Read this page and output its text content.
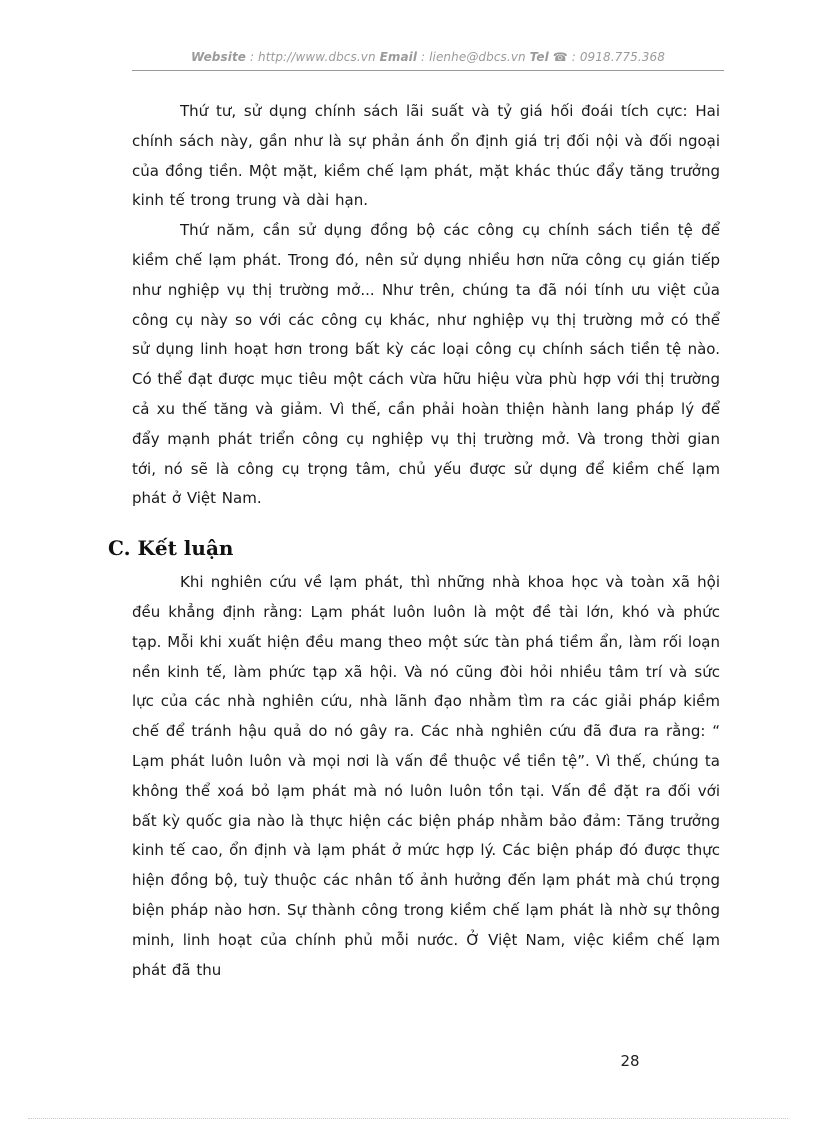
Website : http://www.dbcs.vn Email : lienhe@dbcs.vn Tel ☎ : 0918.775.368

Thứ tư, sử dụng chính sách lãi suất và tỷ giá hối đoái tích cực: Hai chính sách này, gần như là sự phản ánh ổn định giá trị đối nội và đối ngoại của đồng tiền. Một mặt, kiềm chế lạm phát, mặt khác thúc đẩy tăng trưởng kinh tế trong trung và dài hạn.

Thứ năm, cần sử dụng đồng bộ các công cụ chính sách tiền tệ để kiềm chế lạm phát. Trong đó, nên sử dụng nhiều hơn nữa công cụ gián tiếp như nghiệp vụ thị trường mở... Như trên, chúng ta đã nói tính ưu việt của công cụ này so với các công cụ khác, như nghiệp vụ thị trường mở có thể sử dụng linh hoạt hơn trong bất kỳ các loại công cụ chính sách tiền tệ nào. Có thể đạt được mục tiêu một cách vừa hữu hiệu vừa phù hợp với thị trường cả xu thế tăng và giảm. Vì thế, cần phải hoàn thiện hành lang pháp lý để đẩy mạnh phát triển công cụ nghiệp vụ thị trường mở. Và trong thời gian tới, nó sẽ là công cụ trọng tâm, chủ yếu được sử dụng để kiềm chế lạm phát ở Việt Nam.

C. Kết luận

Khi nghiên cứu về lạm phát, thì những nhà khoa học và toàn xã hội đều khẳng định rằng: Lạm phát luôn luôn là một đề tài lớn, khó và phức tạp. Mỗi khi xuất hiện đều mang theo một sức tàn phá tiềm ẩn, làm rối loạn nền kinh tế, làm phức tạp xã hội. Và nó cũng đòi hỏi nhiều tâm trí và sức lực của các nhà nghiên cứu, nhà lãnh đạo nhằm tìm ra các giải pháp kiềm chế để tránh hậu quả do nó gây ra. Các nhà nghiên cứu đã đưa ra rằng: “ Lạm phát luôn luôn và mọi nơi là vấn đề thuộc về tiền tệ”. Vì thế, chúng ta không thể xoá bỏ lạm phát mà nó luôn luôn tồn tại. Vấn đề đặt ra đối với bất kỳ quốc gia nào là thực hiện các biện pháp nhằm bảo đảm: Tăng trưởng kinh tế cao, ổn định và lạm phát ở mức hợp lý. Các biện pháp đó được thực hiện đồng bộ, tuỳ thuộc các nhân tố ảnh hưởng đến lạm phát mà chú trọng biện pháp nào hơn. Sự thành công trong kiềm chế lạm phát là nhờ sự thông minh, linh hoạt của chính phủ mỗi nước. Ở Việt Nam, việc kiềm chế lạm phát đã thu

28
